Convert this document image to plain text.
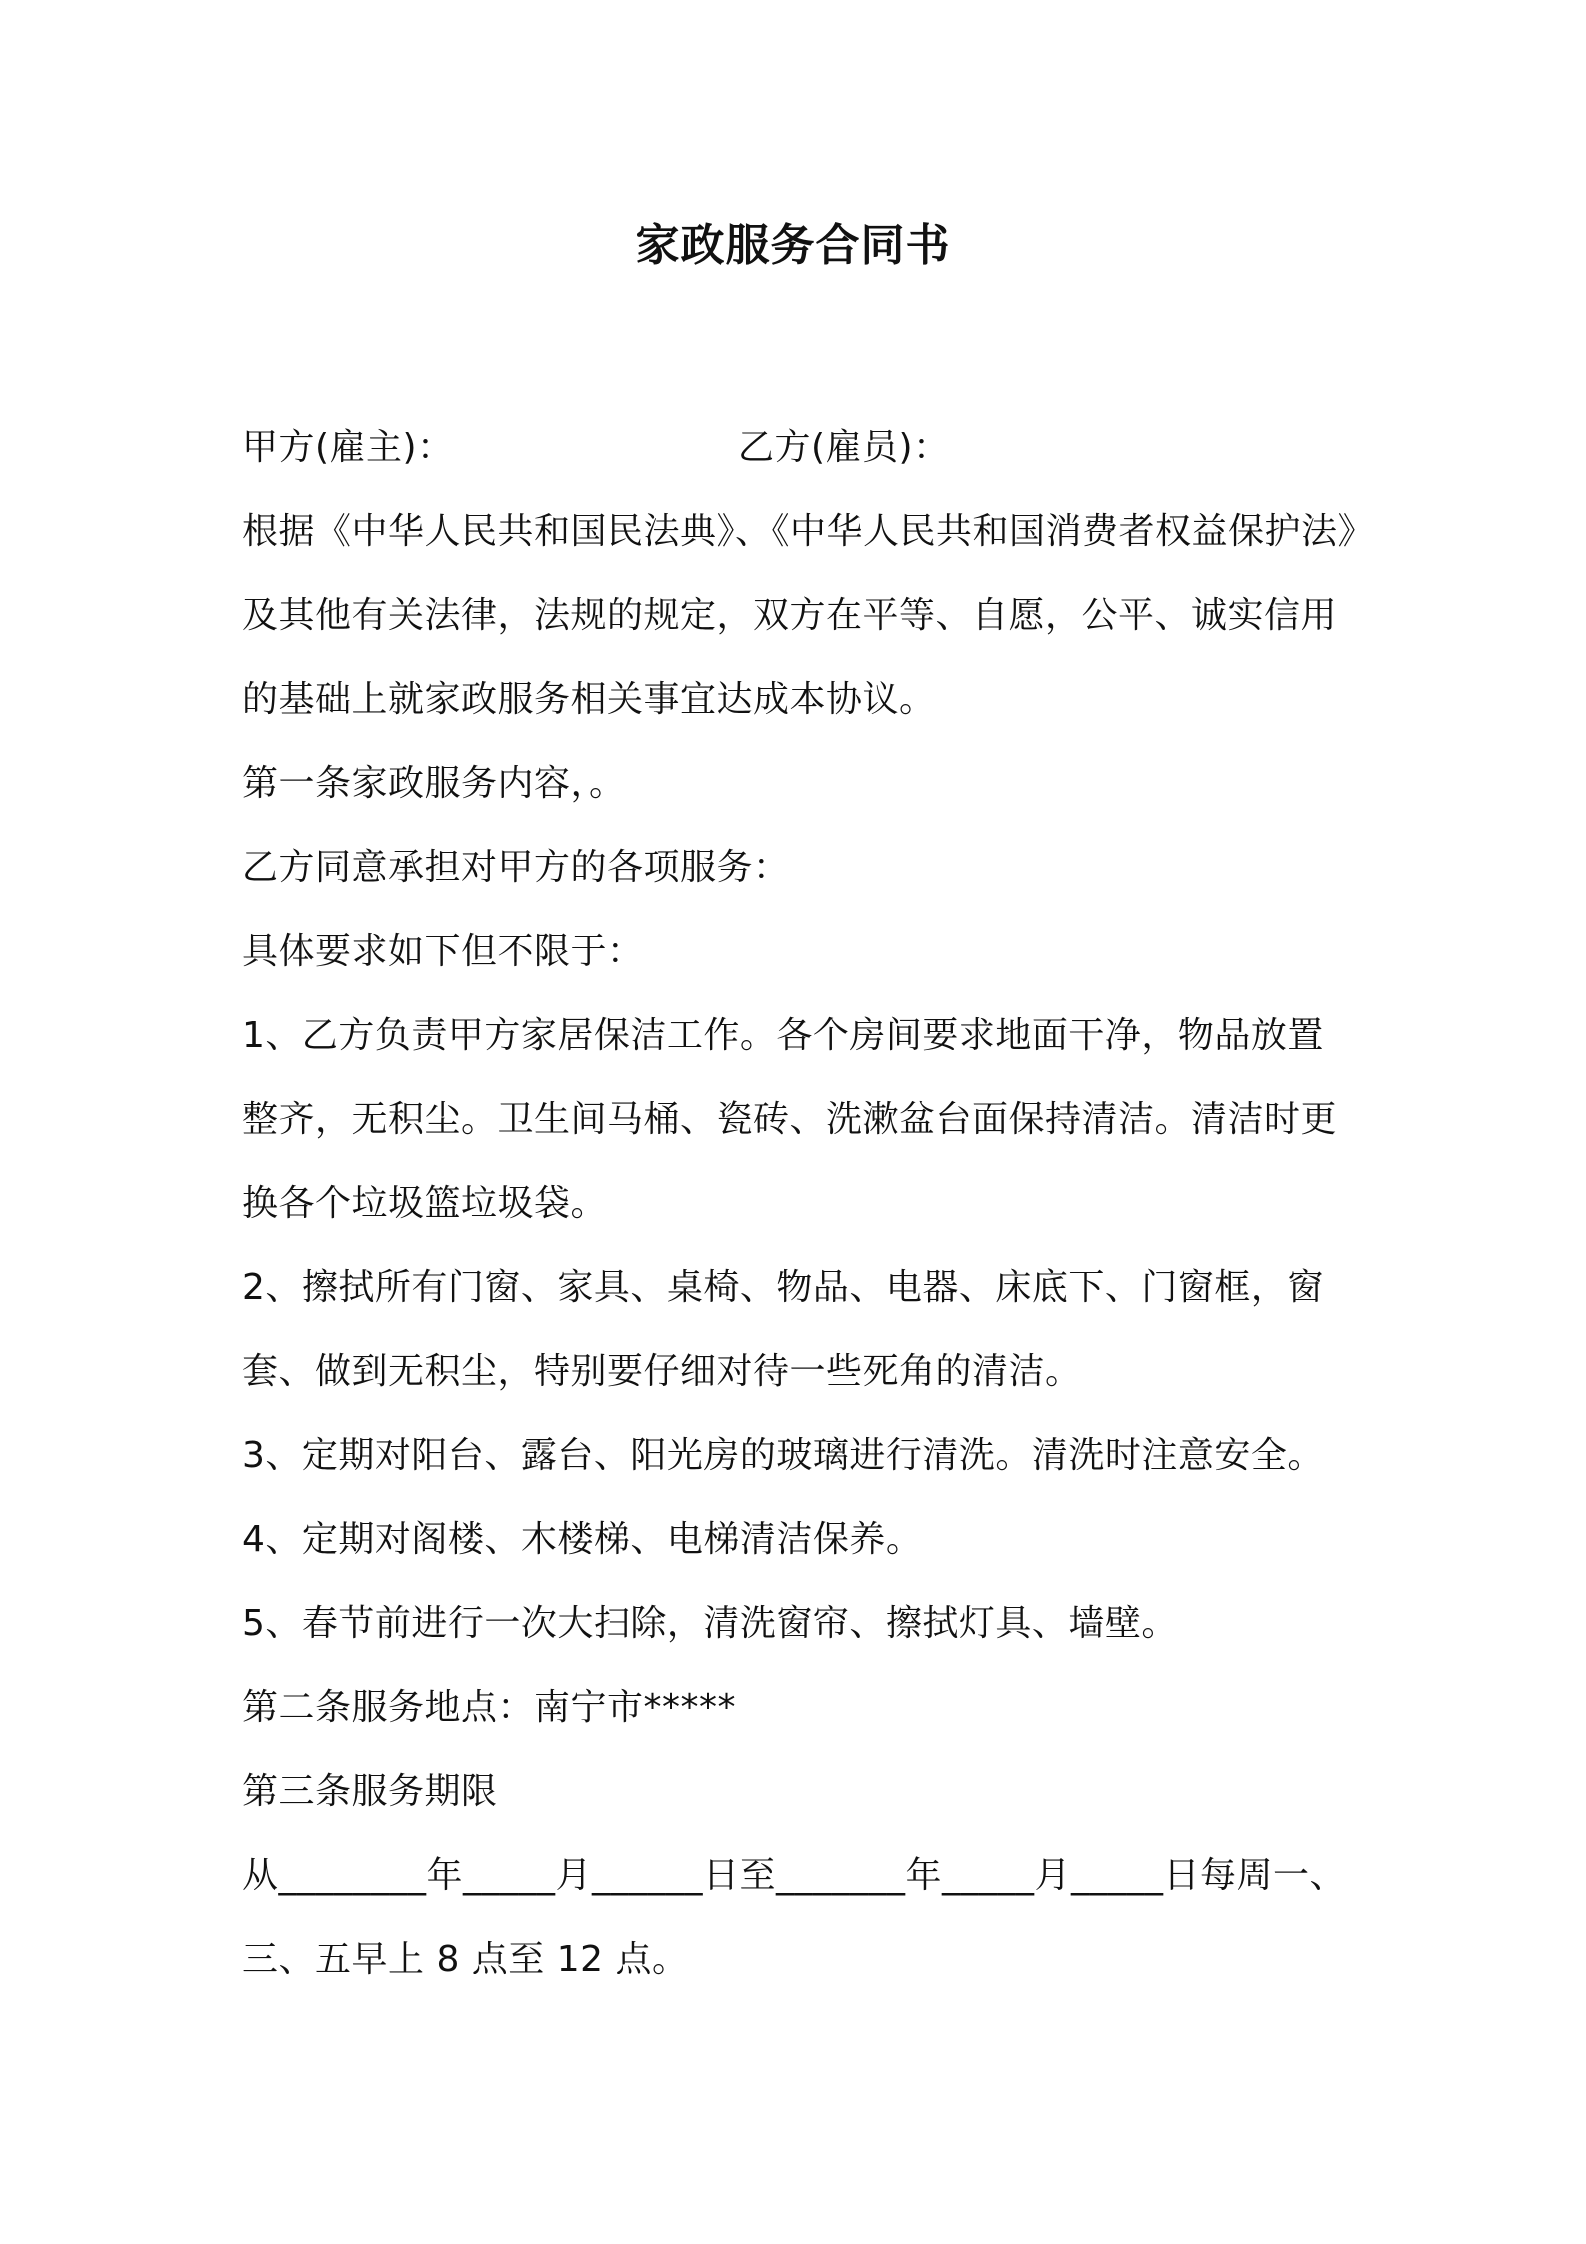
家政服务合同书
甲方(雇主)：	乙方(雇员)：
根据《中华人民共和国民法典》、《中华人民共和国消费者权益保护法》
及其他有关法律，法规的规定，双方在平等、自愿，公平、诚实信用
的基础上就家政服务相关事宜达成本协议。
第一条家政服务内容，。
乙方同意承担对甲方的各项服务：
具体要求如下但不限于：
1、乙方负责甲方家居保洁工作。各个房间要求地面干净，物品放置
整齐，无积尘。卫生间马桶、瓷砖、洗漱盆台面保持清洁。清洁时更
换各个垃圾篮垃圾袋。
2、擦拭所有门窗、家具、桌椅、物品、电器、床底下、门窗框，窗
套、做到无积尘，特别要仔细对待一些死角的清洁。
3、定期对阳台、露台、阳光房的玻璃进行清洗。清洗时注意安全。
4、定期对阁楼、木楼梯、电梯清洁保养。
5、春节前进行一次大扫除，清洗窗帘、擦拭灯具、墙壁。
第二条服务地点：南宁市*****
第三条服务期限
从________年_____月______日至_______年_____月_____日每周一、
三、五早上 8 点至 12 点。
